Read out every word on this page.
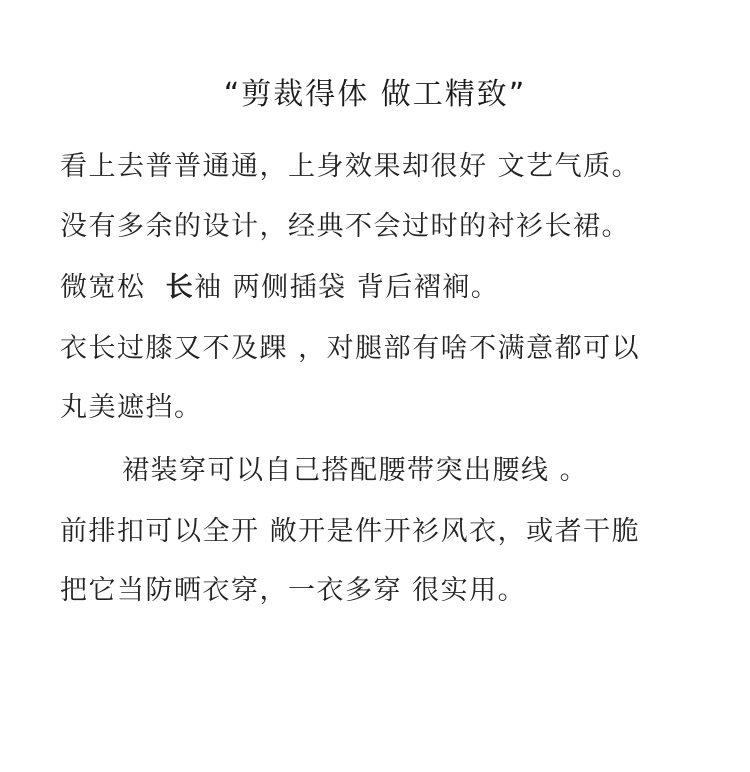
“剪裁得体 做工精致”
看上去普普通通，上身效果却很好 文艺气质。
没有多余的设计，经典不会过时的衬衫长裙。
微宽松 长袖 两侧插袋 背后褶裥。
衣长过膝又不及踝 ，对腿部有啥不满意都可以
丸美遮挡。
裙装穿可以自己搭配腰带突出腰线 。
前排扣可以全开 敞开是件开衫风衣，或者干脆
把它当防晒衣穿，一衣多穿 很实用。
